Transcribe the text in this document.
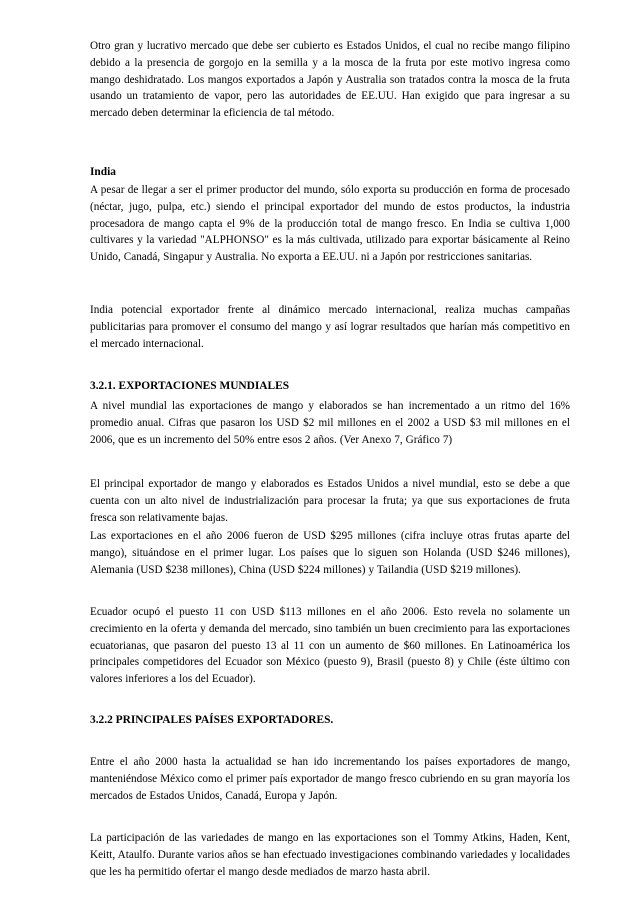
Otro gran y lucrativo mercado que debe ser cubierto es Estados Unidos, el cual no recibe mango filipino debido a la presencia de gorgojo en la semilla y a la mosca de la fruta por este motivo ingresa como mango deshidratado. Los mangos exportados a Japón y Australia son tratados contra la mosca de la fruta usando un tratamiento de vapor, pero las autoridades de EE.UU. Han exigido que para ingresar a su mercado deben determinar la eficiencia de tal método.

India

A pesar de llegar a ser el primer productor del mundo, sólo exporta su producción en forma de procesado (néctar, jugo, pulpa, etc.) siendo el principal exportador del mundo de estos productos, la industria procesadora de mango capta el 9% de la producción total de mango fresco. En India se cultiva 1,000 cultivares y la variedad "ALPHONSO" es la más cultivada, utilizado para exportar básicamente al Reino Unido, Canadá, Singapur y Australia. No exporta a EE.UU. ni a Japón por restricciones sanitarias.

India potencial exportador frente al dinámico mercado internacional, realiza muchas campañas publicitarias para promover el consumo del mango y así lograr resultados que harían más competitivo en el mercado internacional.

3.2.1. EXPORTACIONES MUNDIALES

A nivel mundial las exportaciones de mango y elaborados se han incrementado a un ritmo del 16% promedio anual. Cifras que pasaron los USD $2 mil millones en el 2002 a USD $3 mil millones en el 2006, que es un incremento del 50% entre esos 2 años. (Ver Anexo 7, Gráfico 7)

El principal exportador de mango y elaborados es Estados Unidos a nivel mundial, esto se debe a que cuenta con un alto nivel de industrialización para procesar la fruta; ya que sus exportaciones de fruta fresca son relativamente bajas.

Las exportaciones en el año 2006 fueron de USD $295 millones (cifra incluye otras frutas aparte del mango), situándose en el primer lugar. Los países que lo siguen son Holanda (USD $246 millones), Alemania (USD $238 millones), China (USD $224 millones) y Tailandia (USD $219 millones).

Ecuador ocupó el puesto 11 con USD $113 millones en el año 2006. Esto revela no solamente un crecimiento en la oferta y demanda del mercado, sino también un buen crecimiento para las exportaciones ecuatorianas, que pasaron del puesto 13 al 11 con un aumento de $60 millones. En Latinoamérica los principales competidores del Ecuador son México (puesto 9), Brasil (puesto 8) y Chile (éste último con valores inferiores a los del Ecuador).

3.2.2 PRINCIPALES PAÍSES EXPORTADORES.

Entre el año 2000 hasta la actualidad se han ido incrementando los países exportadores de mango, manteniéndose México como el primer país exportador de mango fresco cubriendo en su gran mayoría los mercados de Estados Unidos, Canadá, Europa y Japón.

La participación de las variedades de mango en las exportaciones son el Tommy Atkins, Haden, Kent, Keitt, Ataulfo. Durante varios años se han efectuado investigaciones combinando variedades y localidades que les ha permitido ofertar el mango desde mediados de marzo hasta abril.
